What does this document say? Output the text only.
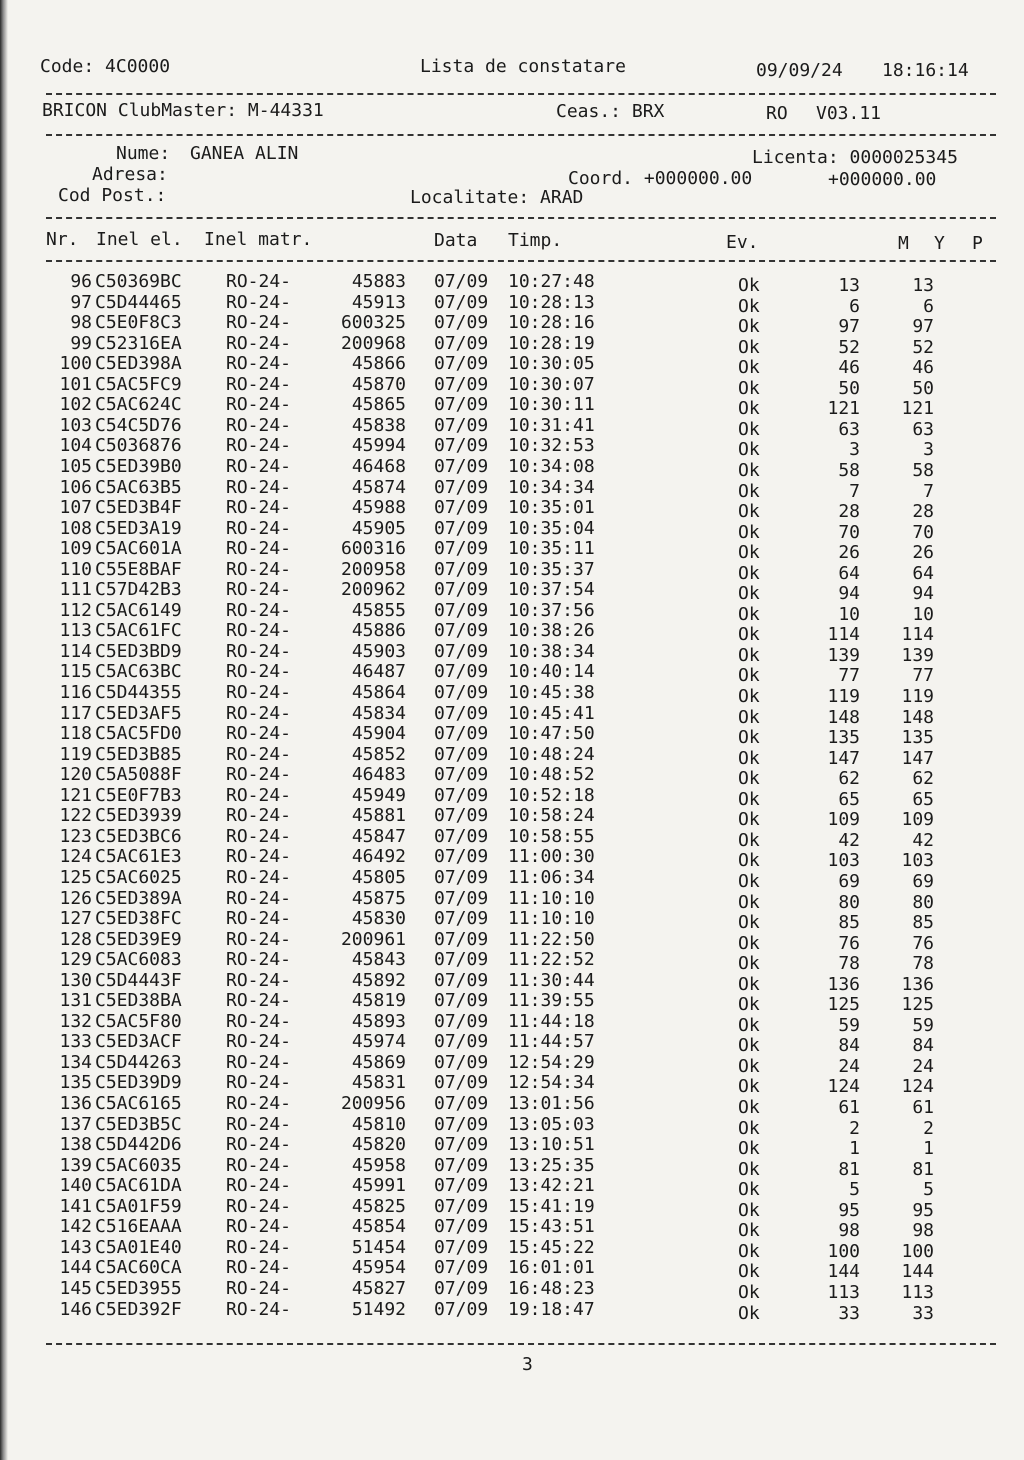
Code: 4C0000	Lista de constatare	09/09/24 18:16:14
BRICON ClubMaster: M-44331	Ceas.: BRX	RO V03.11
Nume: GANEA ALIN	Licenta: 0000025345
Adresa:	Coord. +000000.00	+000000.00
Cod Post.:	Localitate: ARAD
Nr. Inel el. Inel matr.	Data Timp.	Ev.	M Y P
96 C50369BC RO-24-	45883 07/09 10:27:48	Ok	13	13
97 C5D44465 RO-24-	45913 07/09 10:28:13	Ok	6	6
98 C5E0F8C3 RO-24-	600325 07/09 10:28:16	Ok	97	97
99 C52316EA RO-24-	200968 07/09 10:28:19	Ok	52	52
100 C5ED398A RO-24-	45866 07/09 10:30:05	Ok	46	46
101 C5AC5FC9 RO-24-	45870 07/09 10:30:07	Ok	50	50
102 C5AC624C RO-24-	45865 07/09 10:30:11	Ok	121 121
103 C54C5D76 RO-24-	45838 07/09 10:31:41	Ok	63	63
104 C5036876 RO-24-	45994 07/09 10:32:53	Ok	3	3
105 C5ED39B0 RO-24-	46468 07/09 10:34:08	Ok	58	58
106 C5AC63B5 RO-24-	45874 07/09 10:34:34	Ok	7	7
107 C5ED3B4F RO-24-	45988 07/09 10:35:01	Ok	28	28
108 C5ED3A19 RO-24-	45905 07/09 10:35:04	Ok	70	70
109 C5AC601A RO-24-	600316 07/09 10:35:11	Ok	26	26
110 C55E8BAF RO-24-	200958 07/09 10:35:37	Ok	64	64
111 C57D42B3 RO-24-	200962 07/09 10:37:54	Ok	94	94
112 C5AC6149 RO-24-	45855 07/09 10:37:56	Ok	10	10
113 C5AC61FC RO-24-	45886 07/09 10:38:26	Ok	114 114
114 C5ED3BD9 RO-24-	45903 07/09 10:38:34	Ok	139 139
115 C5AC63BC RO-24-	46487 07/09 10:40:14	Ok	77	77
116 C5D44355 RO-24-	45864 07/09 10:45:38	Ok	119 119
117 C5ED3AF5 RO-24-	45834 07/09 10:45:41	Ok	148 148
118 C5AC5FD0 RO-24-	45904 07/09 10:47:50	Ok	135 135
119 C5ED3B85 RO-24-	45852 07/09 10:48:24	Ok	147 147
120 C5A5088F RO-24-	46483 07/09 10:48:52	Ok	62	62
121 C5E0F7B3 RO-24-	45949 07/09 10:52:18	Ok	65	65
122 C5ED3939 RO-24-	45881 07/09 10:58:24	Ok	109 109
123 C5ED3BC6 RO-24-	45847 07/09 10:58:55	Ok	42	42
124 C5AC61E3 RO-24-	46492 07/09 11:00:30	Ok	103 103
125 C5AC6025 RO-24-	45805 07/09 11:06:34	Ok	69	69
126 C5ED389A RO-24-	45875 07/09 11:10:10	Ok	80	80
127 C5ED38FC RO-24-	45830 07/09 11:10:10	Ok	85	85
128 C5ED39E9 RO-24-	200961 07/09 11:22:50	Ok	76	76
129 C5AC6083 RO-24-	45843 07/09 11:22:52	Ok	78	78
130 C5D4443F RO-24-	45892 07/09 11:30:44	Ok	136 136
131 C5ED38BA RO-24-	45819 07/09 11:39:55	Ok	125 125
132 C5AC5F80 RO-24-	45893 07/09 11:44:18	Ok	59	59
133 C5ED3ACF RO-24-	45974 07/09 11:44:57	Ok	84	84
134 C5D44263 RO-24-	45869 07/09 12:54:29	Ok	24	24
135 C5ED39D9 RO-24-	45831 07/09 12:54:34	Ok	124 124
136 C5AC6165 RO-24-	200956 07/09 13:01:56	Ok	61	61
137 C5ED3B5C RO-24-	45810 07/09 13:05:03	Ok	2	2
138 C5D442D6 RO-24-	45820 07/09 13:10:51	Ok	1	1
139 C5AC6035 RO-24-	45958 07/09 13:25:35	Ok	81	81
140 C5AC61DA RO-24-	45991 07/09 13:42:21	Ok	5	5
141 C5A01F59 RO-24-	45825 07/09 15:41:19	Ok	95	95
142 C516EAAA RO-24-	45854 07/09 15:43:51	Ok	98	98
143 C5A01E40 RO-24-	51454 07/09 15:45:22	Ok	100 100
144 C5AC60CA RO-24-	45954 07/09 16:01:01	Ok	144 144
145 C5ED3955 RO-24-	45827 07/09 16:48:23	Ok	113 113
146 C5ED392F RO-24-	51492 07/09 19:18:47	Ok	33	33
3
